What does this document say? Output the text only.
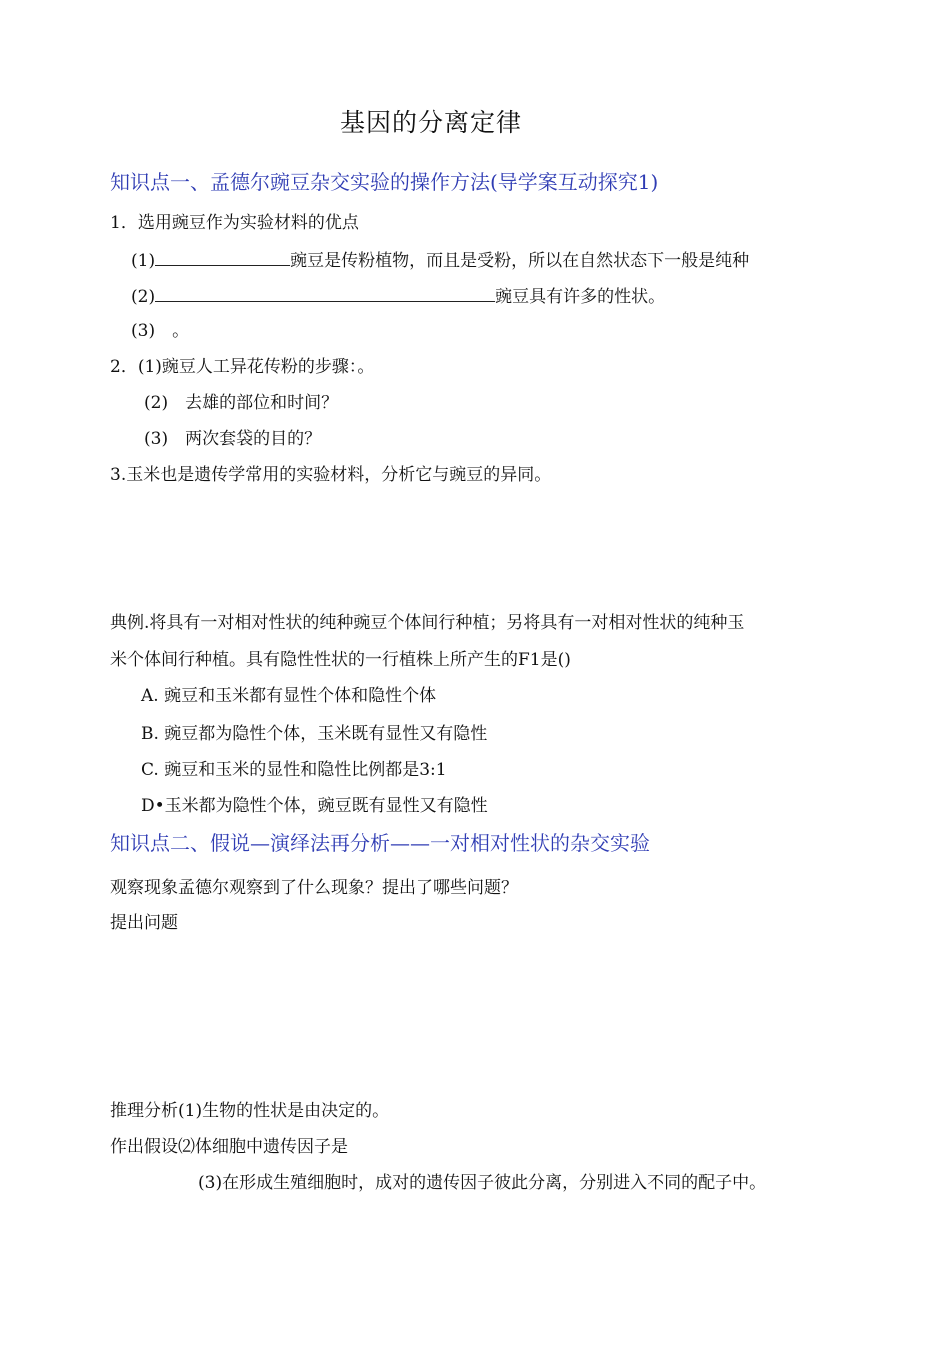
基因的分离定律
知识点一、孟德尔豌豆杂交实验的操作方法(导学案互动探究1)
1．选用豌豆作为实验材料的优点
(1)	豌豆是传粉植物，而且是受粉，所以在自然状态下一般是纯种
(2)	豌豆具有许多的性状。
(3)　。
2．(1)豌豆人工异花传粉的步骤：。
(2)　去雄的部位和时间？
(3)　两次套袋的目的？
3.玉米也是遗传学常用的实验材料，分析它与豌豆的异同。
典例.将具有一对相对性状的纯种豌豆个体间行种植；另将具有一对相对性状的纯种玉
米个体间行种植。具有隐性性状的一行植株上所产生的F1是()
A. 豌豆和玉米都有显性个体和隐性个体
B. 豌豆都为隐性个体，玉米既有显性又有隐性
C. 豌豆和玉米的显性和隐性比例都是3:1
D•玉米都为隐性个体，豌豆既有显性又有隐性
知识点二、假说—演绎法再分析——一对相对性状的杂交实验
观察现象孟德尔观察到了什么现象？提出了哪些问题？
提出问题
推理分析(1)生物的性状是由决定的。
作出假设⑵体细胞中遗传因子是
(3)在形成生殖细胞时，成对的遗传因子彼此分离，分别进入不同的配子中。
